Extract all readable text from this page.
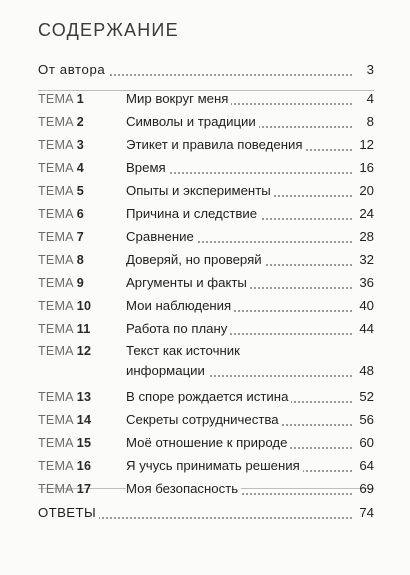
СОДЕРЖАНИЕ
От автора	3
ТЕМА 1	Мир вокруг меня	4
ТЕМА 2	Символы и традиции	8
ТЕМА 3	Этикет и правила поведения	12
ТЕМА 4	Время	16
ТЕМА 5	Опыты и эксперименты	20
ТЕМА 6	Причина и следствие	24
ТЕМА 7	Сравнение	28
ТЕМА 8	Доверяй, но проверяй	32
ТЕМА 9	Аргументы и факты	36
ТЕМА 10	Мои наблюдения	40
ТЕМА 11	Работа по плану	44
ТЕМА 12	Текст как источник
информации	48
ТЕМА 13	В споре рождается истина	52
ТЕМА 14	Секреты сотрудничества	56
ТЕМА 15	Моё отношение к природе	60
ТЕМА 16	Я учусь принимать решения	64
ТЕМА 17	Моя безопасность	69
ОТВЕТЫ	74
